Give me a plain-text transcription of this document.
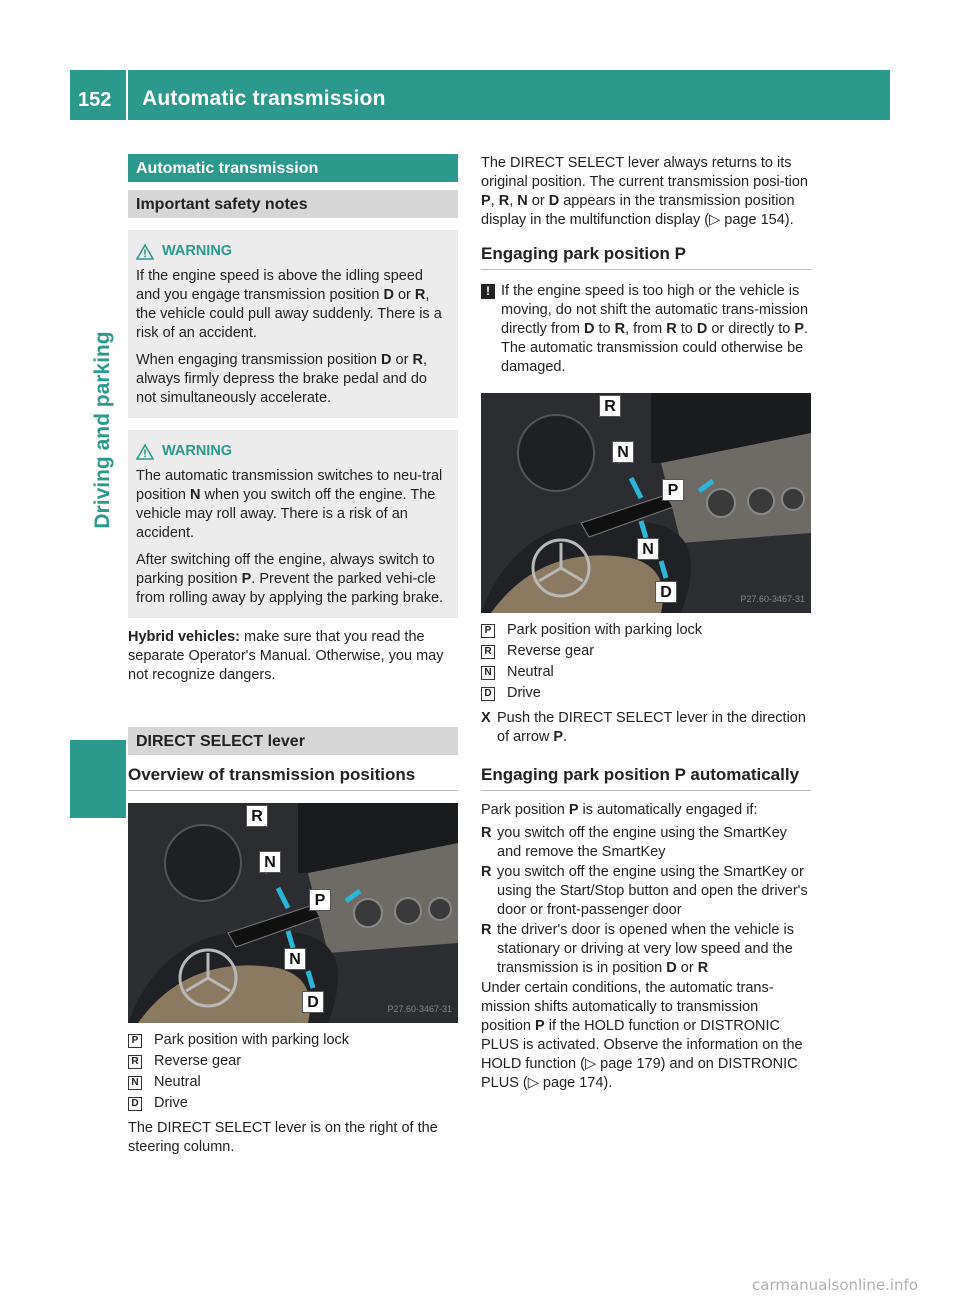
152 Automatic transmission
Driving and parking
Automatic transmission
Important safety notes
WARNING

If the engine speed is above the idling speed and you engage transmission position D or R, the vehicle could pull away suddenly. There is a risk of an accident.

When engaging transmission position D or R, always firmly depress the brake pedal and do not simultaneously accelerate.

WARNING

The automatic transmission switches to neu-tral position N when you switch off the engine. The vehicle may roll away. There is a risk of an accident.

After switching off the engine, always switch to parking position P. Prevent the parked vehi-cle from rolling away by applying the parking brake.

Hybrid vehicles: make sure that you read the separate Operator's Manual. Otherwise, you may not recognize dangers.

DIRECT SELECT lever
Overview of transmission positions
R
N
P
N
D	P27.60-3467-31
P Park position with parking lock
R Reverse gear
N Neutral
D Drive

The DIRECT SELECT lever is on the right of the steering column.

The DIRECT SELECT lever always returns to its original position. The current transmission posi-tion P, R, N or D appears in the transmission position display in the multifunction display (▷ page 154).

Engaging park position P
! If the engine speed is too high or the vehicle is moving, do not shift the automatic trans-mission directly from D to R, from R to D or directly to P. The automatic transmission could otherwise be damaged.

R
N
P
N
D	P27.60-3467-31
P Park position with parking lock
R Reverse gear
N Neutral
D Drive
X Push the DIRECT SELECT lever in the direction of arrow P.

Engaging park position P automatically

Park position P is automatically engaged if:

R you switch off the engine using the SmartKey and remove the SmartKey

R you switch off the engine using the SmartKey or using the Start/Stop button and open the driver's door or front-passenger door

R the driver's door is opened when the vehicle is stationary or driving at very low speed and the transmission is in position D or R

Under certain conditions, the automatic trans-mission shifts automatically to transmission position P if the HOLD function or DISTRONIC PLUS is activated. Observe the information on the HOLD function (▷ page 179) and on DISTRONIC PLUS (▷ page 174).

carmanualsonline.info
